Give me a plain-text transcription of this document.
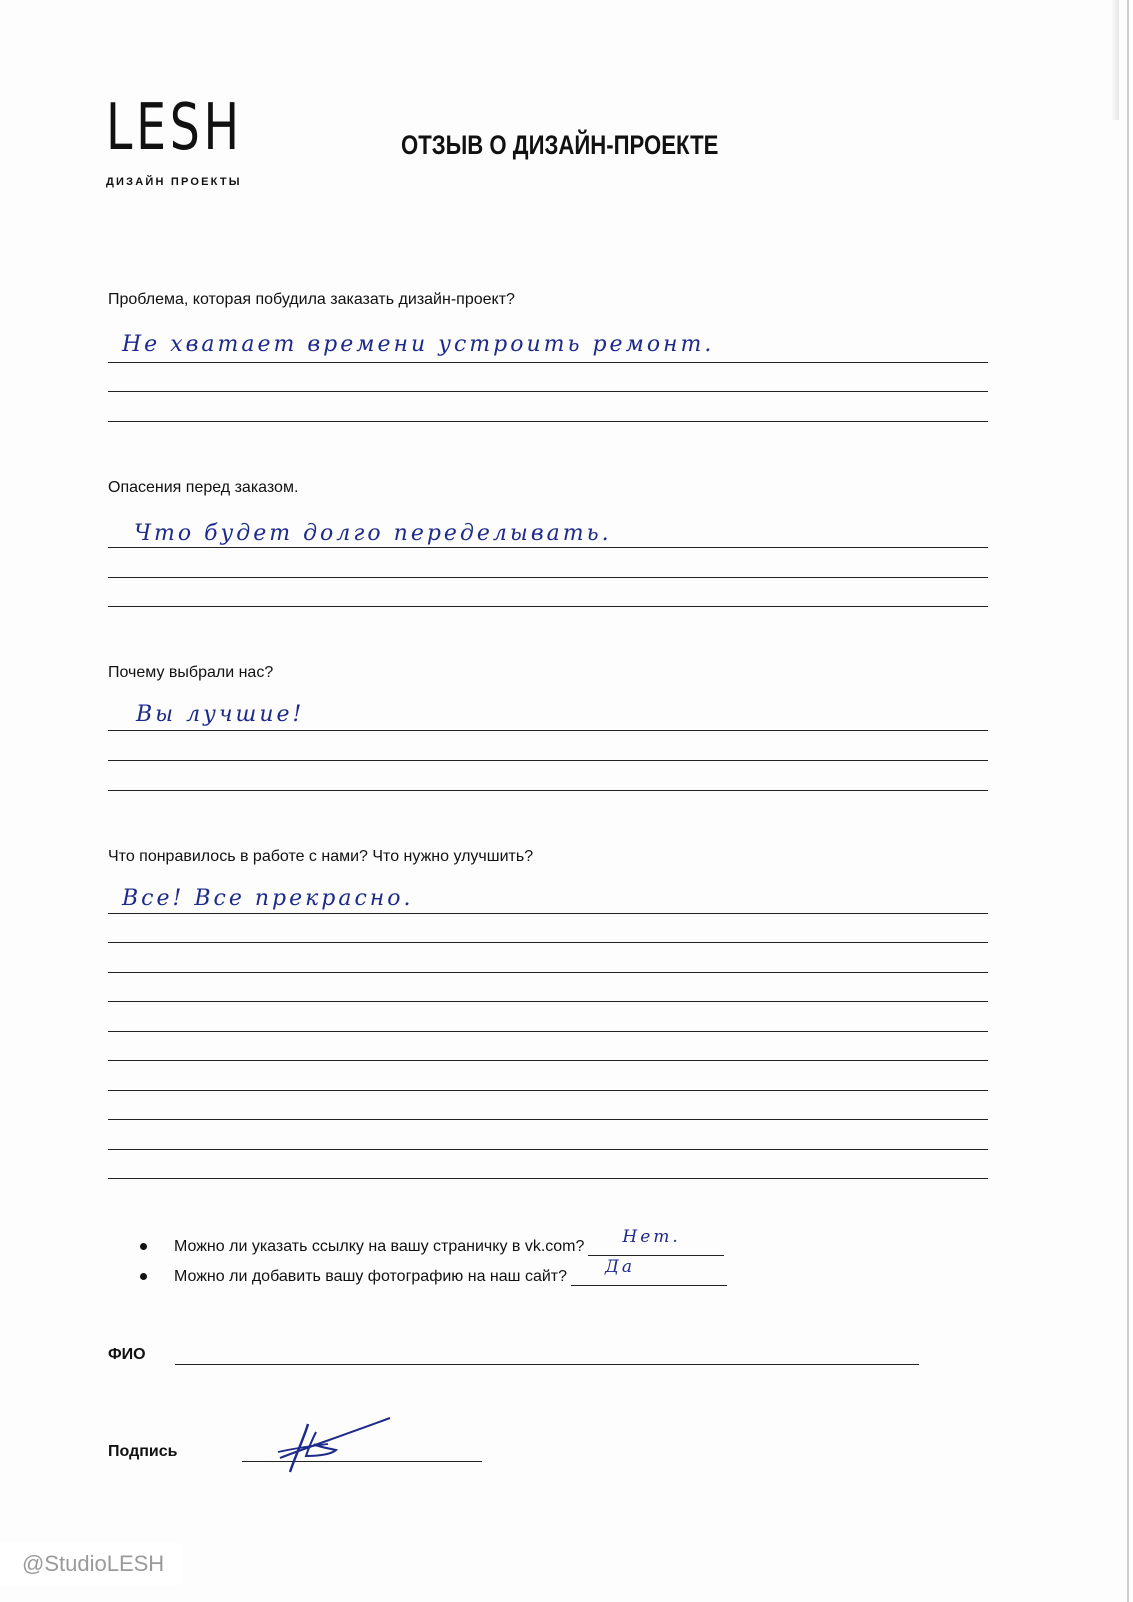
LESH
ДИЗАЙН ПРОЕКТЫ
ОТЗЫВ О ДИЗАЙН-ПРОЕКТЕ
Проблема, которая побудила заказать дизайн-проект?
Не хватает времени устроить ремонт.
Опасения перед заказом.
Что будет долго переделывать.
Почему выбрали нас?
Вы лучшие!
Что понравилось в работе с нами? Что нужно улучшить?
Все! Все прекрасно.
Можно ли указать ссылку на вашу страничку в vk.com? Нет.
Можно ли добавить вашу фотографию на наш сайт? Да
ФИО
Подпись
@StudioLESH
